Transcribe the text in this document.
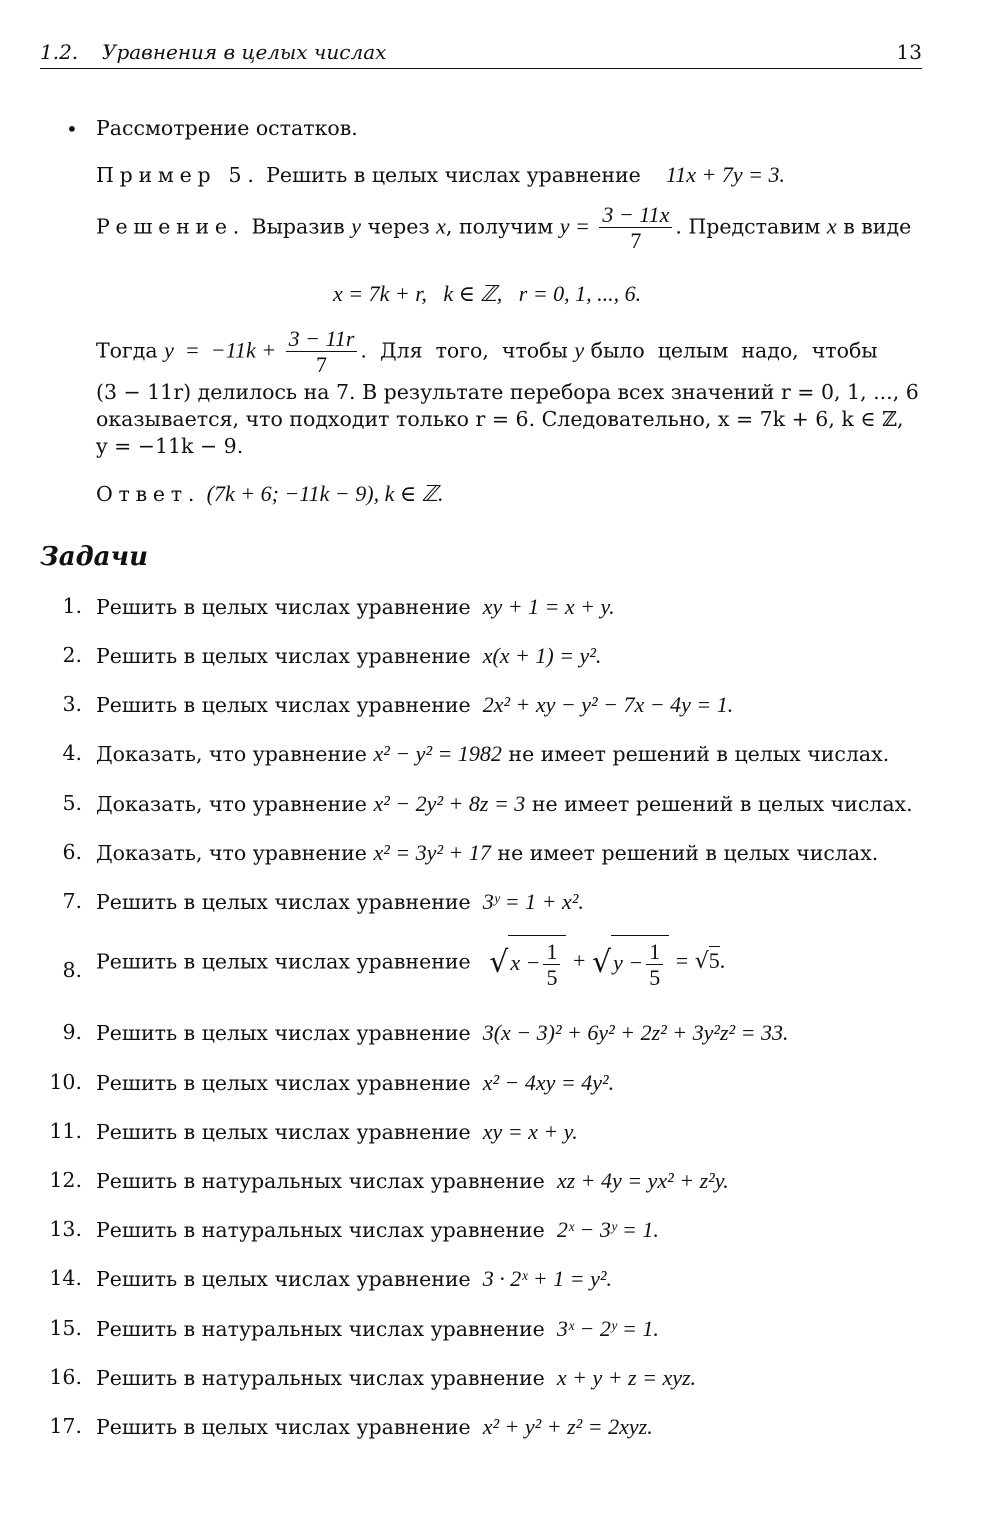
1.2. Уравнения в целых числах	13
• Рассмотрение остатков.
Пример 5. Решить в целых числах уравнение 11x + 7y = 3.
Решение. Выразив y через x, получим $y = \frac{3 - 11x}{7}$ . Представим x в виде
x = 7k + r,   k ∈ ℤ,   r = 0, 1, ..., 6.
Тогда $y = -11k + \frac{3 - 11r}{7}$ .  Для  того,  чтобы y было  целым  надо,  чтобы
(3 − 11r) делилось на 7. В результате перебора всех значений r = 0, 1, ..., 6
оказывается, что подходит только r = 6. Следовательно, x = 7k + 6, k ∈ ℤ,
y = −11k − 9.
Ответ. (7k + 6; −11k − 9), k ∈ ℤ.
Задачи
1. Решить в целых числах уравнение xy + 1 = x + y.
2. Решить в целых числах уравнение x(x + 1) = y².
3. Решить в целых числах уравнение 2x² + xy − y² − 7x − 4y = 1.
4. Доказать, что уравнение x² − y² = 1982 не имеет решений в целых числах.
5. Доказать, что уравнение x² − 2y² + 8z = 3 не имеет решений в целых числах.
6. Доказать, что уравнение x² = 3y² + 17 не имеет решений в целых числах.
7. Решить в целых числах уравнение 3ʸ = 1 + x².
8. Решить в целых числах уравнение $√x - \frac{1}{5} + √y - \frac{1}{5} = √5$.
9. Решить в целых числах уравнение 3(x − 3)² + 6y² + 2z² + 3y²z² = 33.
10. Решить в целых числах уравнение x² − 4xy = 4y².
11. Решить в целых числах уравнение xy = x + y.
12. Решить в натуральных числах уравнение xz + 4y = yx² + z²y.
13. Решить в натуральных числах уравнение 2ˣ − 3ʸ = 1.
14. Решить в целых числах уравнение 3 · 2ˣ + 1 = y².
15. Решить в натуральных числах уравнение 3ˣ − 2ʸ = 1.
16. Решить в натуральных числах уравнение x + y + z = xyz.
17. Решить в целых числах уравнение x² + y² + z² = 2xyz.
